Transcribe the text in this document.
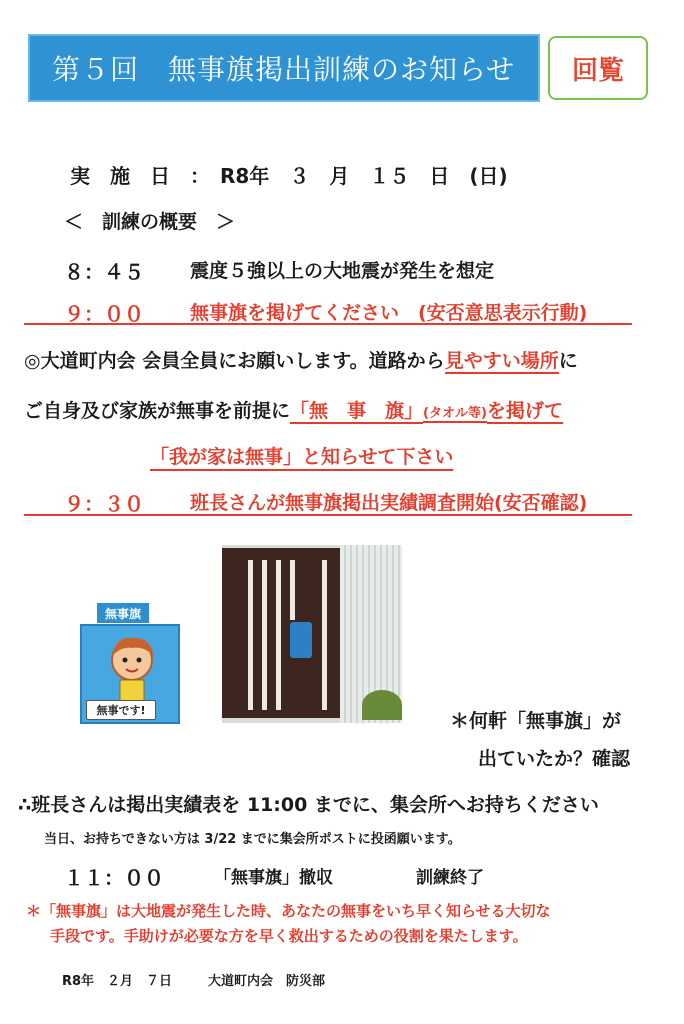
第５回　無事旗掲出訓練のお知らせ	回覧
実　施　日　：　R8年　３　月　１５　日　(日)
＜　訓練の概要　＞
８：４５ 震度５強以上の大地震が発生を想定
９：００ 無事旗を掲げてください　(安否意思表示行動)
◎大道町内会 会員全員にお願いします。道路から見やすい場所に
ご自身及び家族が無事を前提に「無　事　旗」(タオル等)を掲げて
「我が家は無事」と知らせて下さい
９：３０ 班長さんが無事旗掲出実績調査開始(安否確認)
無事旗
無事です!	＊何軒「無事旗」が
出ていたか？確認
∴班長さんは掲出実績表を 11:00 までに、集会所へお持ちください
当日、お持ちできない方は 3/22 までに集会所ポストに投函願います。
１１：００	「無事旗」撤収	訓練終了
＊「無事旗」は大地震が発生した時、あなたの無事をいち早く知らせる大切な
手段です。手助けが必要な方を早く救出するための役割を果たします。
R8年　２月　７日	大道町内会　防災部
